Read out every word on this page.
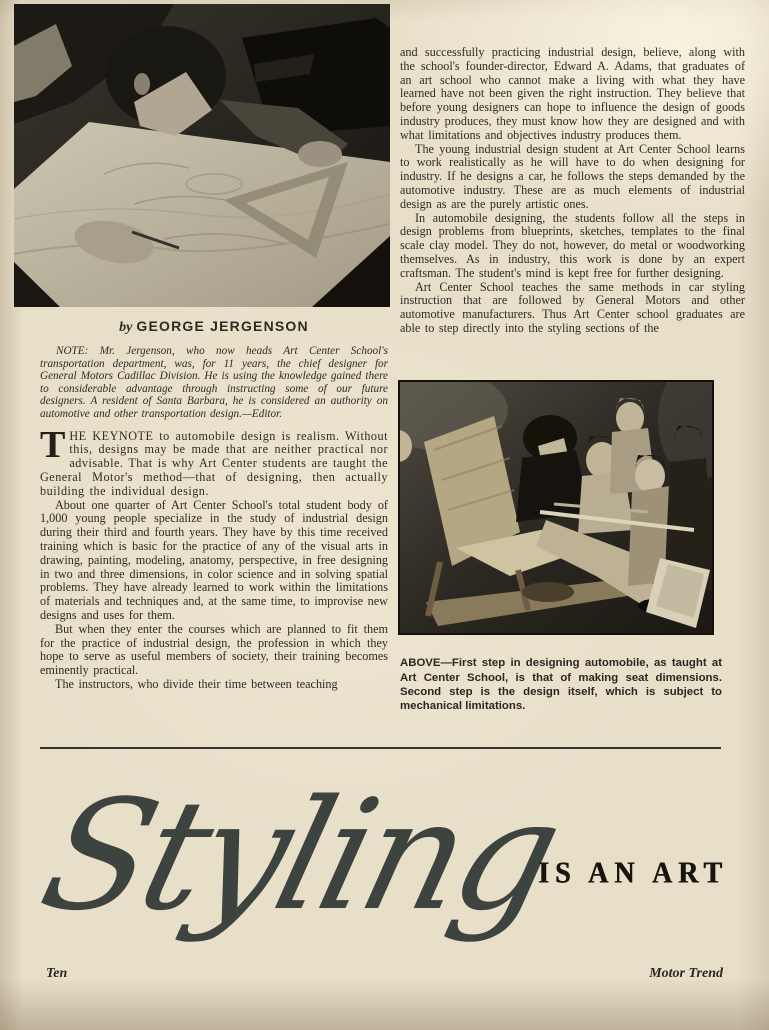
by GEORGE JERGENSON

NOTE: Mr. Jergenson, who now heads Art Center School's transportation department, was, for 11 years, the chief designer for General Motors Cadillac Division. He is using the knowledge gained there to considerable advantage through instructing some of our future designers. A resident of Santa Barbara, he is considered an authority on automotive and other transportation design.—Editor.

THE KEYNOTE to automobile design is realism. Without this, designs may be made that are neither practical nor advisable. That is why Art Center students are taught the General Motor's method—that of designing, then actually building the individual design.

About one quarter of Art Center School's total student body of 1,000 young people specialize in the study of industrial design during their third and fourth years. They have by this time received training which is basic for the practice of any of the visual arts in drawing, painting, modeling, anatomy, perspective, in free designing in two and three dimensions, in color science and in solving spatial problems. They have already learned to work within the limitations of materials and techniques and, at the same time, to improvise new designs and uses for them.

But when they enter the courses which are planned to fit them for the practice of industrial design, the profession in which they hope to serve as useful members of society, their training becomes eminently practical.

The instructors, who divide their time between teaching

and successfully practicing industrial design, believe, along with the school's founder-director, Edward A. Adams, that graduates of an art school who cannot make a living with what they have learned have not been given the right instruction. They believe that before young designers can hope to influence the design of goods industry produces, they must know how they are designed and with what limitations and objectives industry produces them.

The young industrial design student at Art Center School learns to work realistically as he will have to do when designing for industry. If he designs a car, he follows the steps demanded by the automotive industry. These are as much elements of industrial design as are the purely artistic ones.

In automobile designing, the students follow all the steps in design problems from blueprints, sketches, templates to the final scale clay model. They do not, however, do metal or woodworking themselves. As in industry, this work is done by an expert craftsman. The student's mind is kept free for further designing.

Art Center School teaches the same methods in car styling instruction that are followed by General Motors and other automotive manufacturers. Thus Art Center school graduates are able to step directly into the styling sections of the

ABOVE—First step in designing automobile, as taught at Art Center School, is that of making seat dimensions. Second step is the design itself, which is subject to mechanical limitations.

Styling
IS AN ART
Ten	Motor Trend
